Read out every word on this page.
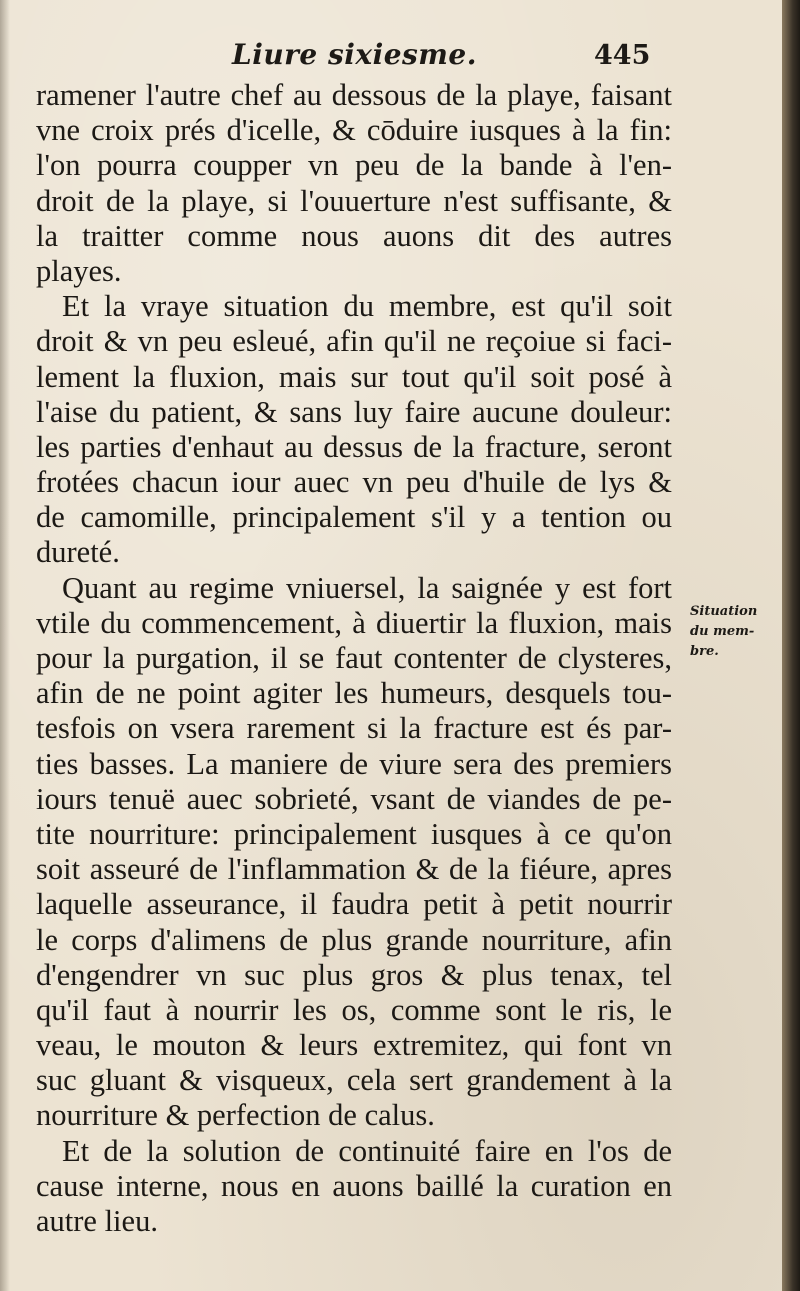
Liure sixiesme.	445
ramener l'autre chef au dessous de la playe, faisant
vne croix prés d'icelle, & cōduire iusques à la fin:
l'on pourra coupper vn peu de la bande à l'en-
droit de la playe, si l'ouuerture n'est suffisante, &
la traitter comme nous auons dit des autres
playes.
Et la vraye situation du membre, est qu'il soit
droit & vn peu esleué, afin qu'il ne reçoiue si faci-
lement la fluxion, mais sur tout qu'il soit posé à
l'aise du patient, & sans luy faire aucune douleur:
les parties d'enhaut au dessus de la fracture, seront
frotées chacun iour auec vn peu d'huile de lys &
de camomille, principalement s'il y a tention ou
dureté.
Quant au regime vniuersel, la saignée y est fort
vtile du commencement, à diuertir la fluxion, mais
pour la purgation, il se faut contenter de clysteres,
afin de ne point agiter les humeurs, desquels tou-
tesfois on vsera rarement si la fracture est és par-
ties basses. La maniere de viure sera des premiers
iours tenuë auec sobrieté, vsant de viandes de pe-
tite nourriture: principalement iusques à ce qu'on
soit asseuré de l'inflammation & de la fiéure, apres
laquelle asseurance, il faudra petit à petit nourrir
le corps d'alimens de plus grande nourriture, afin
d'engendrer vn suc plus gros & plus tenax, tel
qu'il faut à nourrir les os, comme sont le ris, le
veau, le mouton & leurs extremitez, qui font vn
suc gluant & visqueux, cela sert grandement à la
nourriture & perfection de calus.
Et de la solution de continuité faire en l'os de
cause interne, nous en auons baillé la curation en
autre lieu.
Situation
du mem-
bre.
